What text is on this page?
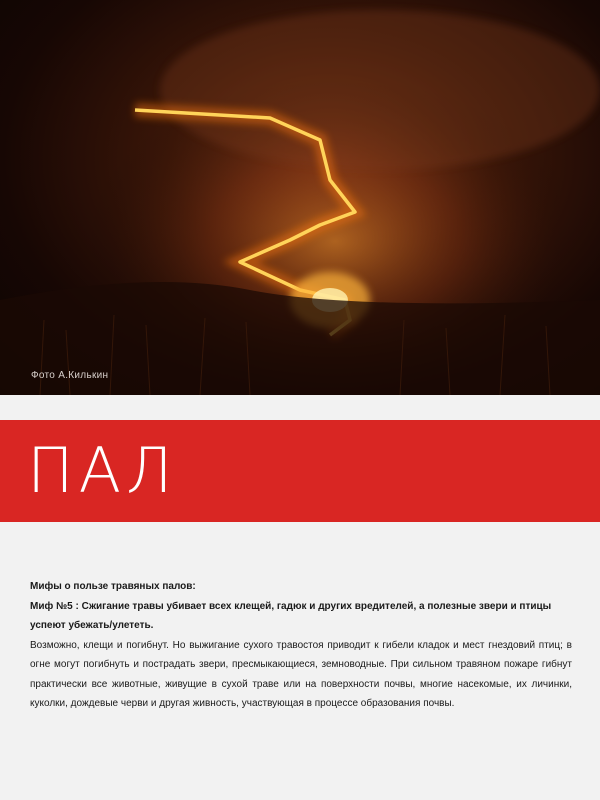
Фото А.Килькин
ПАЛ

Мифы о пользе травяных палов:

Миф №5 : Сжигание травы убивает всех клещей, гадюк и других вредителей, а полезные звери и птицы успеют убежать/улететь.

Возможно, клещи и погибнут. Но выжигание сухого травостоя приводит к гибели кладок и мест гнездовий птиц; в огне могут погибнуть и пострадать звери, пресмыкающиеся, земноводные. При сильном травяном пожаре гибнут практически все животные, живущие в сухой траве или на поверхности почвы, многие насекомые, их личинки, куколки, дождевые черви и другая живность, участвующая в процессе образования почвы.
